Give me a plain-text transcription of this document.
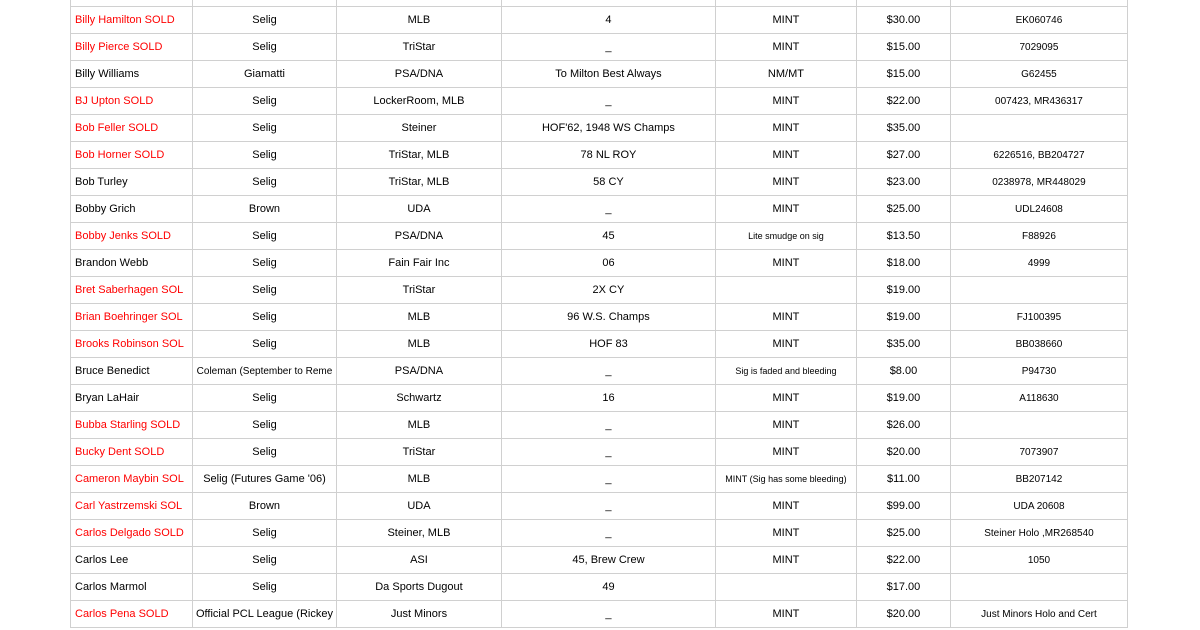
Billy Hamilton SOLD	Selig	MLB	4	MINT	$30.00	EK060746
Billy Pierce SOLD	Selig	TriStar	_	MINT	$15.00	7029095
Billy Williams	Giamatti	PSA/DNA	To Milton Best Always	NM/MT	$15.00	G62455
BJ Upton SOLD	Selig	LockerRoom, MLB	_	MINT	$22.00	007423, MR436317
Bob Feller SOLD	Selig	Steiner	HOF'62, 1948 WS Champs	MINT	$35.00	
Bob Horner SOLD	Selig	TriStar, MLB	78 NL ROY	MINT	$27.00	6226516, BB204727
Bob Turley	Selig	TriStar, MLB	58 CY	MINT	$23.00	0238978, MR448029
Bobby Grich	Brown	UDA	_	MINT	$25.00	UDL24608
Bobby Jenks SOLD	Selig	PSA/DNA	45	Lite smudge on sig	$13.50	F88926
Brandon Webb	Selig	Fain Fair Inc	06	MINT	$18.00	4999
Bret Saberhagen SOL	Selig	TriStar	2X CY		$19.00	
Brian Boehringer SOL	Selig	MLB	96 W.S. Champs	MINT	$19.00	FJ100395
Brooks Robinson SOL	Selig	MLB	HOF 83	MINT	$35.00	BB038660
Bruce Benedict	Coleman (September to Reme	PSA/DNA	_	Sig is faded and bleeding	$8.00	P94730
Bryan LaHair	Selig	Schwartz	16	MINT	$19.00	A118630
Bubba Starling SOLD	Selig	MLB	_	MINT	$26.00	
Bucky Dent SOLD	Selig	TriStar	_	MINT	$20.00	7073907
Cameron Maybin SOL	Selig (Futures Game '06)	MLB	_	MINT (Sig has some bleeding)	$11.00	BB207142
Carl Yastrzemski SOL	Brown	UDA	_	MINT	$99.00	UDA 20608
Carlos Delgado SOLD	Selig	Steiner, MLB	_	MINT	$25.00	Steiner Holo ,MR268540
Carlos Lee	Selig	ASI	45, Brew Crew	MINT	$22.00	1050
Carlos Marmol	Selig	Da Sports Dugout	49		$17.00	
Carlos Pena SOLD	Official PCL League (Rickey	Just Minors	_	MINT	$20.00	Just Minors Holo and Cert
